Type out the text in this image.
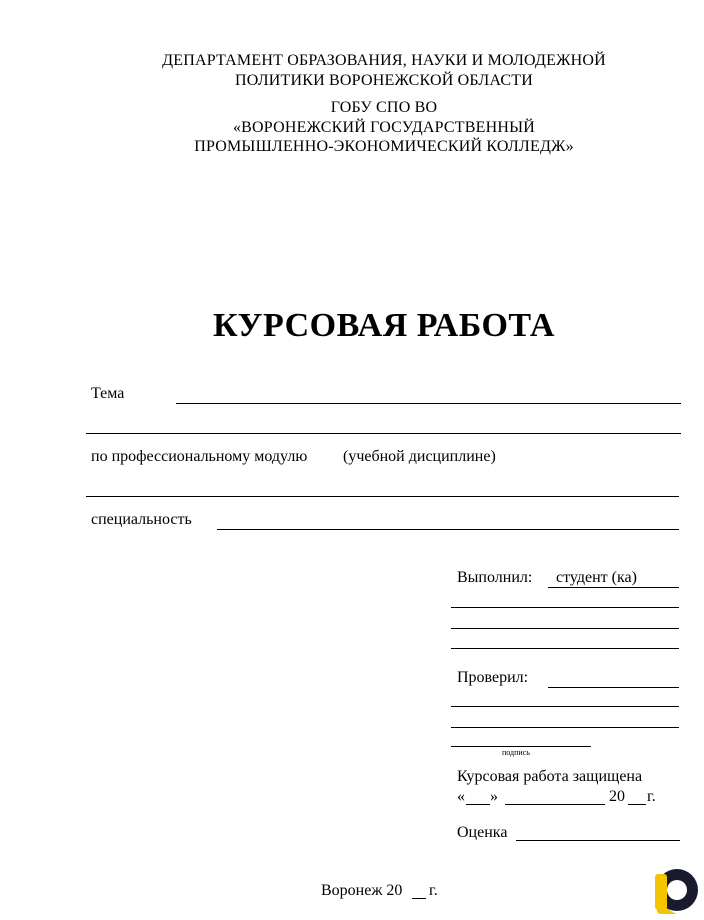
ДЕПАРТАМЕНТ ОБРАЗОВАНИЯ, НАУКИ И МОЛОДЕЖНОЙ
ПОЛИТИКИ ВОРОНЕЖСКОЙ ОБЛАСТИ
ГОБУ СПО ВО
«ВОРОНЕЖСКИЙ ГОСУДАРСТВЕННЫЙ
ПРОМЫШЛЕННО-ЭКОНОМИЧЕСКИЙ КОЛЛЕДЖ»
КУРСОВАЯ РАБОТА
Тема
по профессиональному модулю (учебной дисциплине)
специальность
Выполнил: студент (ка)
Проверил:
подпись
Курсовая работа защищена
« »	20 г.
Оценка
Воронеж 20 г.
